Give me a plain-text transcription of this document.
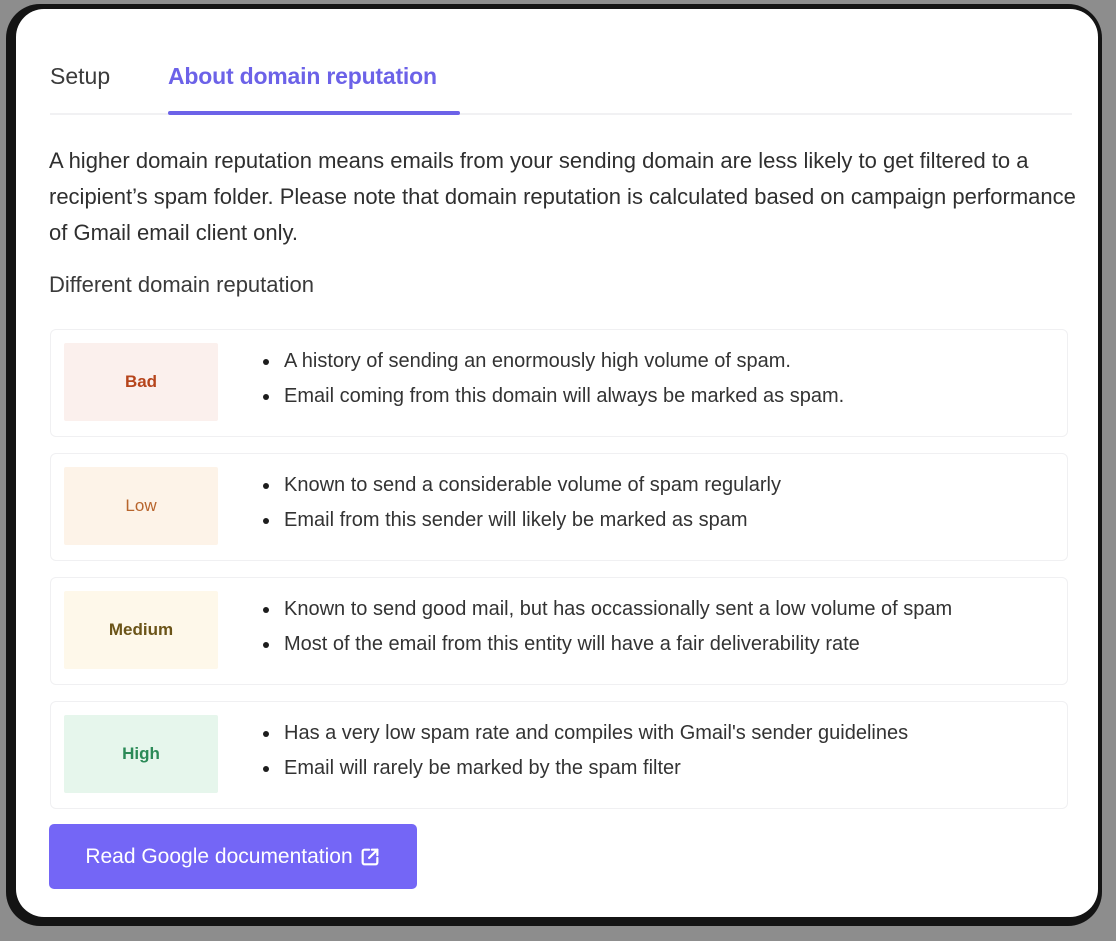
Setup	About domain reputation

A higher domain reputation means emails from your sending domain are less likely to get filtered to a recipient’s spam folder. Please note that domain reputation is calculated based on campaign performance of Gmail email client only.

Different domain reputation
Bad
A history of sending an enormously high volume of spam.
Email coming from this domain will always be marked as spam.
Low
Known to send a considerable volume of spam regularly
Email from this sender will likely be marked as spam
Medium
Known to send good mail, but has occassionally sent a low volume of spam
Most of the email from this entity will have a fair deliverability rate
High
Has a very low spam rate and compiles with Gmail's sender guidelines
Email will rarely be marked by the spam filter
Read Google documentation
